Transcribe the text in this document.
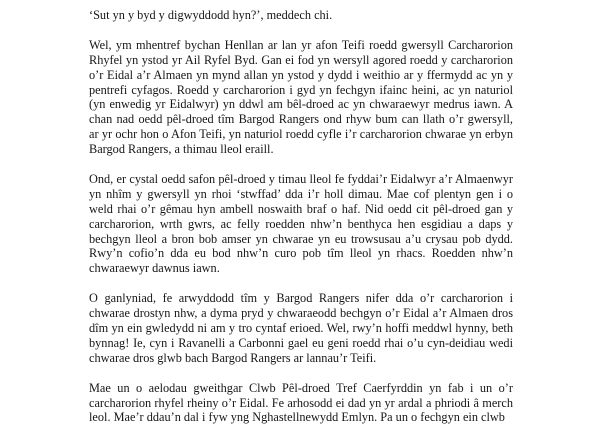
‘Sut yn y byd y digwyddodd hyn?’, meddech chi.

Wel, ym mhentref bychan Henllan ar lan yr afon Teifi roedd gwersyll Carcharorion
Rhyfel yn ystod yr Ail Ryfel Byd. Gan ei fod yn wersyll agored roedd y carcharorion
o’r Eidal a’r Almaen yn mynd allan yn ystod y dydd i weithio ar y ffermydd ac yn y
pentrefi cyfagos. Roedd y carcharorion i gyd yn fechgyn ifainc heini, ac yn naturiol
(yn enwedig yr Eidalwyr) yn ddwl am bêl-droed ac yn chwaraewyr medrus iawn. A
chan nad oedd pêl-droed tîm Bargod Rangers ond rhyw bum can llath o’r gwersyll,
ar yr ochr hon o Afon Teifi, yn naturiol roedd cyfle i’r carcharorion chwarae yn erbyn
Bargod Rangers, a thimau lleol eraill.

Ond, er cystal oedd safon pêl-droed y timau lleol fe fyddai’r Eidalwyr a’r Almaenwyr
yn nhîm y gwersyll yn rhoi ‘stwffad’ dda i’r holl dimau. Mae cof plentyn gen i o
weld rhai o’r gêmau hyn ambell noswaith braf o haf. Nid oedd cit pêl-droed gan y
carcharorion, wrth gwrs, ac felly roedden nhw’n benthyca hen esgidiau a daps y
bechgyn lleol a bron bob amser yn chwarae yn eu trowsusau a’u crysau pob dydd.
Rwy’n cofio’n dda eu bod nhw’n curo pob tîm lleol yn rhacs. Roedden nhw’n
chwaraewyr dawnus iawn.

O ganlyniad, fe arwyddodd tîm y Bargod Rangers nifer dda o’r carcharorion i
chwarae drostyn nhw, a dyma pryd y chwaraeodd bechgyn o’r Eidal a’r Almaen dros
dîm yn ein gwledydd ni am y tro cyntaf erioed. Wel, rwy’n hoffi meddwl hynny, beth
bynnag! Ie, cyn i Ravanelli a Carbonni gael eu geni roedd rhai o’u cyn-deidiau wedi
chwarae dros glwb bach Bargod Rangers ar lannau’r Teifi.

Mae un o aelodau gweithgar Clwb Pêl-droed Tref Caerfyrddin yn fab i un o’r
carcharorion rhyfel rheiny o’r Eidal. Fe arhosodd ei dad yn yr ardal a phriodi â merch
leol. Mae’r ddau’n dal i fyw yng Nghastellnewydd Emlyn. Pa un o fechgyn ein clwb
